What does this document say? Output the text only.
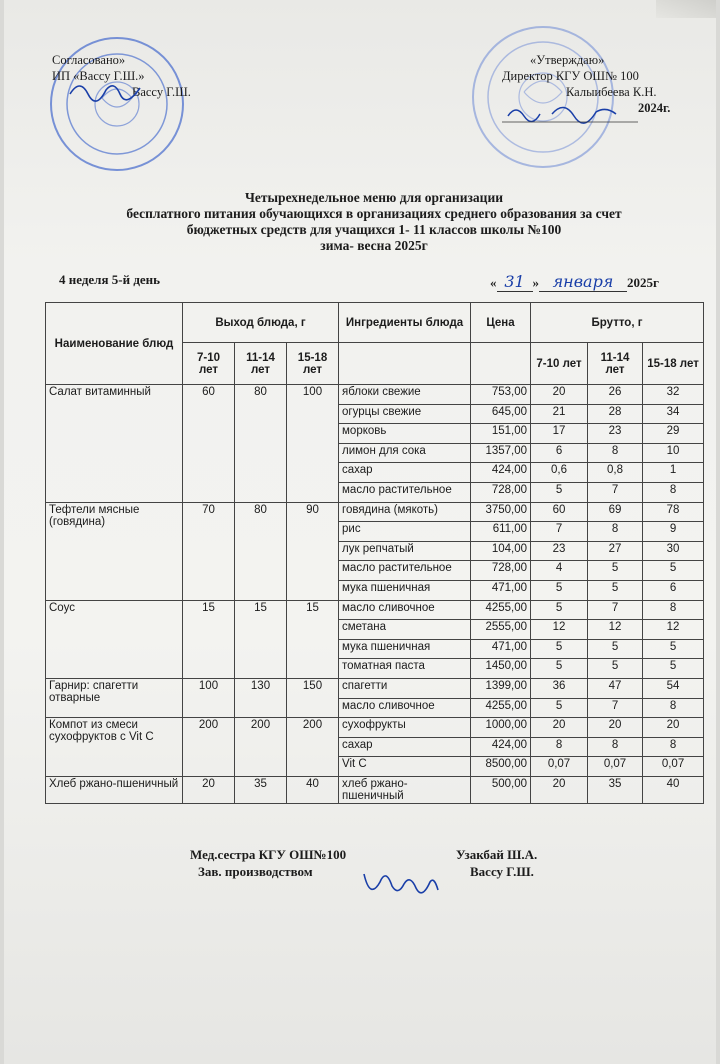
Согласовано»
ИП «Вассу Г.Ш.»
Вассу Г.Ш.
«Утверждаю»
Директор КГУ ОШ№ 100
Калыибеева К.Н.
2024г.
Четырехнедельное меню для организации
бесплатного питания обучающихся в организациях среднего образования за счет
бюджетных средств для учащихся 1- 11 классов школы №100
зима- весна 2025г
4 неделя 5-й день	« 31 » января 2025г
Наименование блюд	Выход блюда, г			Ингредиенты блюда	Цена	Брутто, г		
	7-10 лет	11-14 лет	15-18 лет			7-10 лет	11-14 лет	15-18 лет
Салат витаминный	60	80	100	яблоки свежие	753,00	20	26	32
				огурцы свежие	645,00	21	28	34
				морковь	151,00	17	23	29
				лимон для сока	1357,00	6	8	10
				сахар	424,00	0,6	0,8	1
				масло растительное	728,00	5	7	8
Тефтели мясные (говядина)	70	80	90	говядина (мякоть)	3750,00	60	69	78
				рис	611,00	7	8	9
				лук репчатый	104,00	23	27	30
				масло растительное	728,00	4	5	5
				мука пшеничная	471,00	5	5	6
Соус	15	15	15	масло сливочное	4255,00	5	7	8
				сметана	2555,00	12	12	12
				мука пшеничная	471,00	5	5	5
				томатная паста	1450,00	5	5	5
Гарнир: спагетти отварные	100	130	150	спагетти	1399,00	36	47	54
				масло сливочное	4255,00	5	7	8
Компот из смеси сухофруктов с Vit C	200	200	200	сухофрукты	1000,00	20	20	20
				сахар	424,00	8	8	8
				Vit C	8500,00	0,07	0,07	0,07
Хлеб ржано-пшеничный	20	35	40	хлеб ржано-пшеничный	500,00	20	35	40
Мед.сестра КГУ ОШ№100
Зав. производством
Узакбай Ш.А.
Вассу Г.Ш.
